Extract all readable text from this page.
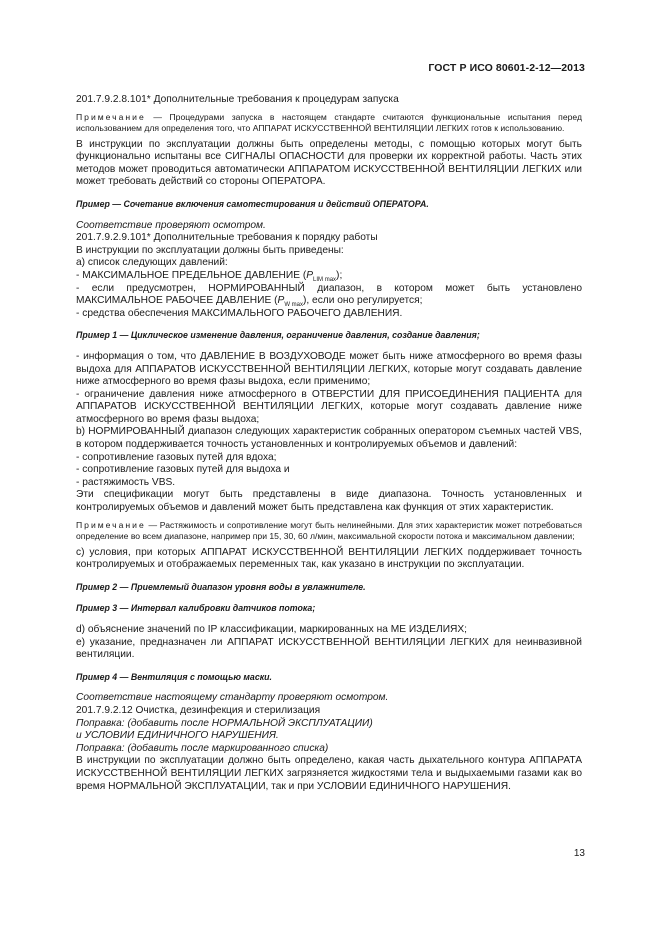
ГОСТ Р ИСО 80601-2-12—2013

201.7.9.2.8.101* Дополнительные требования к процедурам запуска

Примечание — Процедурами запуска в настоящем стандарте считаются функциональные испытания перед использованием для определения того, что АППАРАТ ИСКУССТВЕННОЙ ВЕНТИЛЯЦИИ ЛЕГКИХ готов к использованию.

В инструкции по эксплуатации должны быть определены методы, с помощью которых могут быть функционально испытаны все СИГНАЛЫ ОПАСНОСТИ для проверки их корректной работы. Часть этих методов может проводиться автоматически АППАРАТОМ ИСКУССТВЕННОЙ ВЕНТИЛЯЦИИ ЛЕГКИХ или может требовать действий со стороны ОПЕРАТОРА.

Пример — Сочетание включения самотестирования и действий ОПЕРАТОРА.

Соответствие проверяют осмотром.

201.7.9.2.9.101* Дополнительные требования к порядку работы

В инструкции по эксплуатации должны быть приведены:

а) список следующих давлений:

- МАКСИМАЛЬНОЕ ПРЕДЕЛЬНОЕ ДАВЛЕНИЕ $(P_{LIM max})$;

- если предусмотрен, НОРМИРОВАННЫЙ диапазон, в котором может быть установлено МАКСИМАЛЬНОЕ РАБОЧЕЕ ДАВЛЕНИЕ $(P_{W max})$, если оно регулируется;

- средства обеспечения МАКСИМАЛЬНОГО РАБОЧЕГО ДАВЛЕНИЯ.

Пример 1 — Циклическое изменение давления, ограничение давления, создание давления;

- информация о том, что ДАВЛЕНИЕ В ВОЗДУХОВОДЕ может быть ниже атмосферного во время фазы выдоха для АППАРАТОВ ИСКУССТВЕННОЙ ВЕНТИЛЯЦИИ ЛЕГКИХ, которые могут создавать давление ниже атмосферного во время фазы выдоха, если применимо;

- ограничение давления ниже атмосферного в ОТВЕРСТИИ ДЛЯ ПРИСОЕДИНЕНИЯ ПАЦИЕНТА для АППАРАТОВ ИСКУССТВЕННОЙ ВЕНТИЛЯЦИИ ЛЕГКИХ, которые могут создавать давление ниже атмосферного во время фазы выдоха;

b) НОРМИРОВАННЫЙ диапазон следующих характеристик собранных оператором съемных частей VBS, в котором поддерживается точность установленных и контролируемых объемов и давлений:

- сопротивление газовых путей для вдоха;

- сопротивление газовых путей для выдоха и

- растяжимость VBS.

Эти спецификации могут быть представлены в виде диапазона. Точность установленных и контролируемых объемов и давлений может быть представлена как функция от этих характеристик.

Примечание — Растяжимость и сопротивление могут быть нелинейными. Для этих характеристик может потребоваться определение во всем диапазоне, например при 15, 30, 60 л/мин, максимальной скорости потока и максимальном давлении;

с) условия, при которых АППАРАТ ИСКУССТВЕННОЙ ВЕНТИЛЯЦИИ ЛЕГКИХ поддерживает точность контролируемых и отображаемых переменных так, как указано в инструкции по эксплуатации.

Пример 2 — Приемлемый диапазон уровня воды в увлажнителе.

Пример 3 — Интервал калибровки датчиков потока;

d) объяснение значений по IP классификации, маркированных на МЕ ИЗДЕЛИЯХ;

е) указание, предназначен ли АППАРАТ ИСКУССТВЕННОЙ ВЕНТИЛЯЦИИ ЛЕГКИХ для неинвазивной вентиляции.

Пример 4 — Вентиляция с помощью маски.

Соответствие настоящему стандарту проверяют осмотром.

201.7.9.2.12 Очистка, дезинфекция и стерилизация

Поправка: (добавить после НОРМАЛЬНОЙ ЭКСПЛУАТАЦИИ)

и УСЛОВИИ ЕДИНИЧНОГО НАРУШЕНИЯ.

Поправка: (добавить после маркированного списка)

В инструкции по эксплуатации должно быть определено, какая часть дыхательного контура АППАРАТА ИСКУССТВЕННОЙ ВЕНТИЛЯЦИИ ЛЕГКИХ загрязняется жидкостями тела и выдыхаемыми газами как во время НОРМАЛЬНОЙ ЭКСПЛУАТАЦИИ, так и при УСЛОВИИ ЕДИНИЧНОГО НАРУШЕНИЯ.

13
